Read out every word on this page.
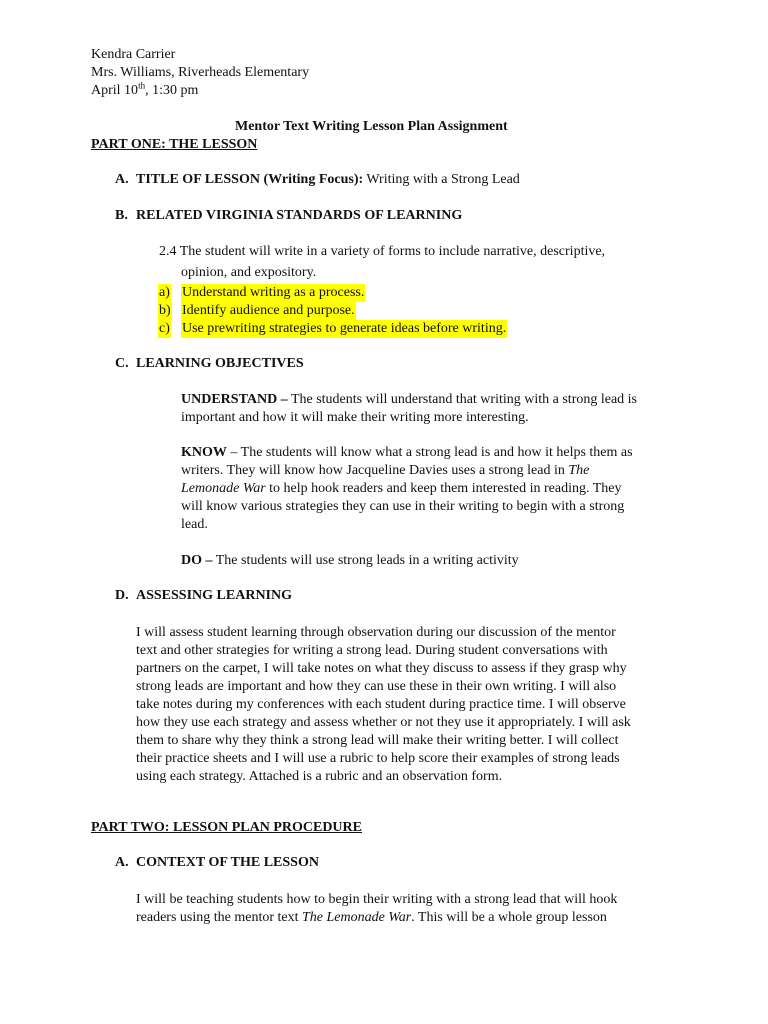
Kendra Carrier
Mrs. Williams, Riverheads Elementary
April 10th, 1:30 pm
Mentor Text Writing Lesson Plan Assignment
PART ONE: THE LESSON
A. TITLE OF LESSON (Writing Focus): Writing with a Strong Lead
B. RELATED VIRGINIA STANDARDS OF LEARNING
2.4 The student will write in a variety of forms to include narrative, descriptive,
opinion, and expository.
a) Understand writing as a process.
b) Identify audience and purpose.
c) Use prewriting strategies to generate ideas before writing.
C. LEARNING OBJECTIVES
UNDERSTAND – The students will understand that writing with a strong lead is
important and how it will make their writing more interesting.
KNOW – The students will know what a strong lead is and how it helps them as
writers. They will know how Jacqueline Davies uses a strong lead in The
Lemonade War to help hook readers and keep them interested in reading. They
will know various strategies they can use in their writing to begin with a strong
lead.
DO – The students will use strong leads in a writing activity
D. ASSESSING LEARNING
I will assess student learning through observation during our discussion of the mentor
text and other strategies for writing a strong lead. During student conversations with
partners on the carpet, I will take notes on what they discuss to assess if they grasp why
strong leads are important and how they can use these in their own writing. I will also
take notes during my conferences with each student during practice time. I will observe
how they use each strategy and assess whether or not they use it appropriately. I will ask
them to share why they think a strong lead will make their writing better. I will collect
their practice sheets and I will use a rubric to help score their examples of strong leads
using each strategy. Attached is a rubric and an observation form.
PART TWO: LESSON PLAN PROCEDURE
A. CONTEXT OF THE LESSON
I will be teaching students how to begin their writing with a strong lead that will hook
readers using the mentor text The Lemonade War. This will be a whole group lesson
